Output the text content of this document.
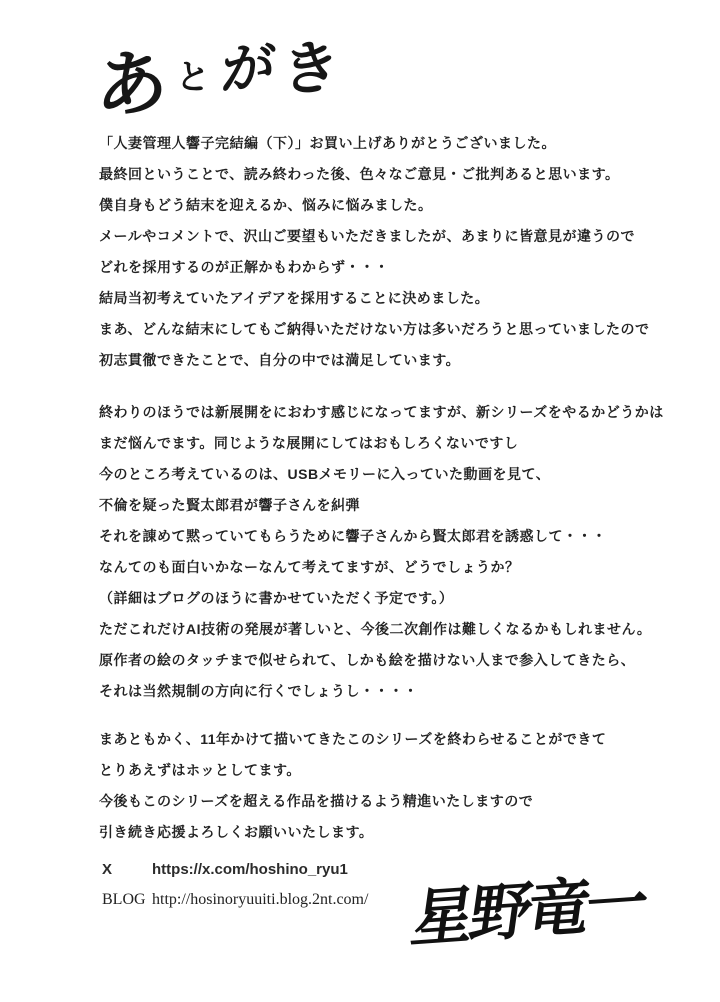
あ と がき
「人妻管理人響子完結編（下）」お買い上げありがとうございました。
最終回ということで、読み終わった後、色々なご意見・ご批判あると思います。
僕自身もどう結末を迎えるか、悩みに悩みました。
メールやコメントで、沢山ご要望もいただきましたが、あまりに皆意見が違うので
どれを採用するのが正解かもわからず・・・
結局当初考えていたアイデアを採用することに決めました。
まあ、どんな結末にしてもご納得いただけない方は多いだろうと思っていましたので
初志貫徹できたことで、自分の中では満足しています。
終わりのほうでは新展開をにおわす感じになってますが、新シリーズをやるかどうかは
まだ悩んでます。同じような展開にしてはおもしろくないですし
今のところ考えているのは、USBメモリーに入っていた動画を見て、
不倫を疑った賢太郎君が響子さんを糾弾
それを諌めて黙っていてもらうために響子さんから賢太郎君を誘惑して・・・
なんてのも面白いかなーなんて考えてますが、どうでしょうか？
（詳細はブログのほうに書かせていただく予定です。）
ただこれだけAI技術の発展が著しいと、今後二次創作は難しくなるかもしれません。
原作者の絵のタッチまで似せられて、しかも絵を描けない人まで参入してきたら、
それは当然規制の方向に行くでしょうし・・・・
まあともかく、11年かけて描いてきたこのシリーズを終わらせることができて
とりあえずはホッとしてます。
今後もこのシリーズを超える作品を描けるよう精進いたしますので
引き続き応援よろしくお願いいたします。
X	https://x.com/hoshino_ryu1
BLOG http://hosinoryuuiti.blog.2nt.com/ 星野竜一
